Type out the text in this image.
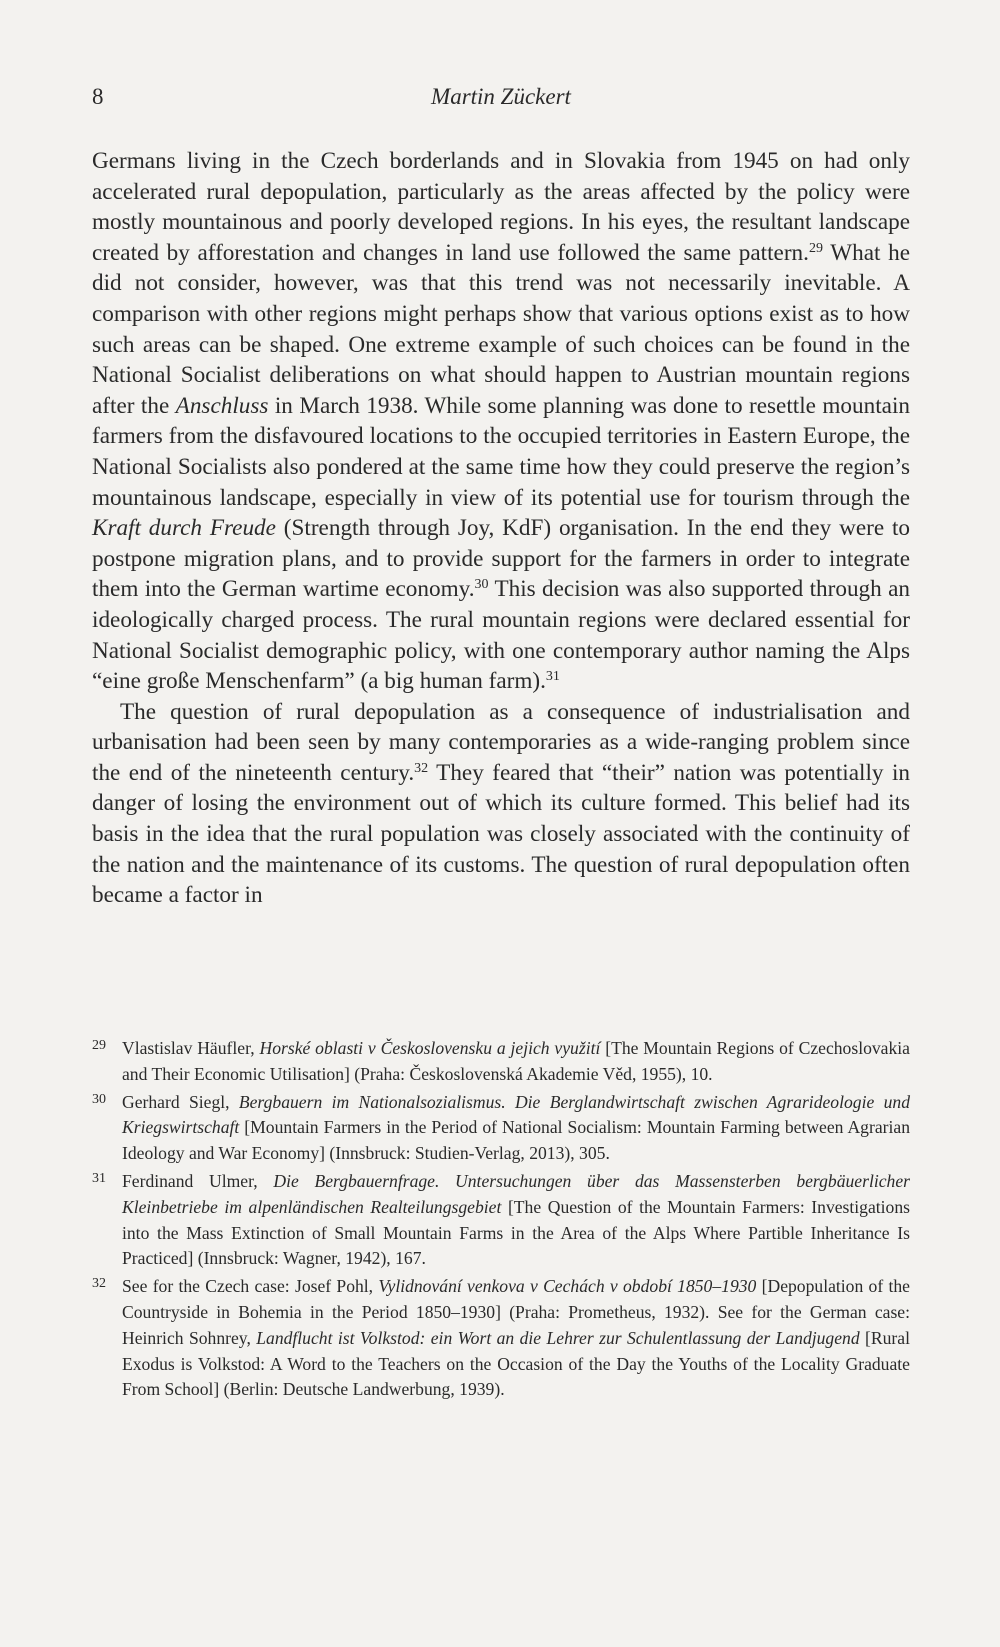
8	Martin Zückert

Germans living in the Czech borderlands and in Slovakia from 1945 on had only accelerated rural depopulation, particularly as the areas affected by the policy were mostly mountainous and poorly developed regions. In his eyes, the resultant landscape created by afforestation and changes in land use followed the same pattern.$^{29}$ What he did not consider, however, was that this trend was not necessarily inevitable. A comparison with other regions might perhaps show that various options exist as to how such areas can be shaped. One extreme example of such choices can be found in the National Socialist deliberations on what should happen to Austrian mountain regions after the Anschluss in March 1938. While some planning was done to resettle mountain farmers from the disfavoured locations to the occupied territories in Eastern Europe, the National Socialists also pondered at the same time how they could preserve the region’s mountainous landscape, especially in view of its potential use for tourism through the Kraft durch Freude (Strength through Joy, KdF) organisation. In the end they were to postpone migration plans, and to provide support for the farmers in order to integrate them into the German wartime economy.$^{30}$ This decision was also supported through an ideologically charged process. The rural mountain regions were declared essential for National Socialist demographic policy, with one contemporary author naming the Alps “eine große Menschenfarm” (a big human farm).$^{31}$

The question of rural depopulation as a consequence of industrialisation and urbanisation had been seen by many contemporaries as a wide-ranging problem since the end of the nineteenth century.$^{32}$ They feared that “their” nation was potentially in danger of losing the environment out of which its culture formed. This belief had its basis in the idea that the rural population was closely associated with the continuity of the nation and the maintenance of its customs. The question of rural depopulation often became a factor in

29 Vlastislav Häufler, Horské oblasti v Československu a jejich využití [The Mountain Regions of Czechoslovakia and Their Economic Utilisation] (Praha: Československá Akademie Věd, 1955), 10.
30 Gerhard Siegl, Bergbauern im Nationalsozialismus. Die Berglandwirtschaft zwischen Agrarideologie und Kriegswirtschaft [Mountain Farmers in the Period of National Socialism: Mountain Farming between Agrarian Ideology and War Economy] (Innsbruck: Studien-Verlag, 2013), 305.
31 Ferdinand Ulmer, Die Bergbauernfrage. Untersuchungen über das Massensterben bergbäuerlicher Kleinbetriebe im alpenländischen Realteilungsgebiet [The Question of the Mountain Farmers: Investigations into the Mass Extinction of Small Mountain Farms in the Area of the Alps Where Partible Inheritance Is Practiced] (Innsbruck: Wagner, 1942), 167.
32 See for the Czech case: Josef Pohl, Vylidnování venkova v Cechách v období 1850–1930 [Depopulation of the Countryside in Bohemia in the Period 1850–1930] (Praha: Prometheus, 1932). See for the German case: Heinrich Sohnrey, Landflucht ist Volkstod: ein Wort an die Lehrer zur Schulentlassung der Landjugend [Rural Exodus is Volkstod: A Word to the Teachers on the Occasion of the Day the Youths of the Locality Graduate From School] (Berlin: Deutsche Landwerbung, 1939).
